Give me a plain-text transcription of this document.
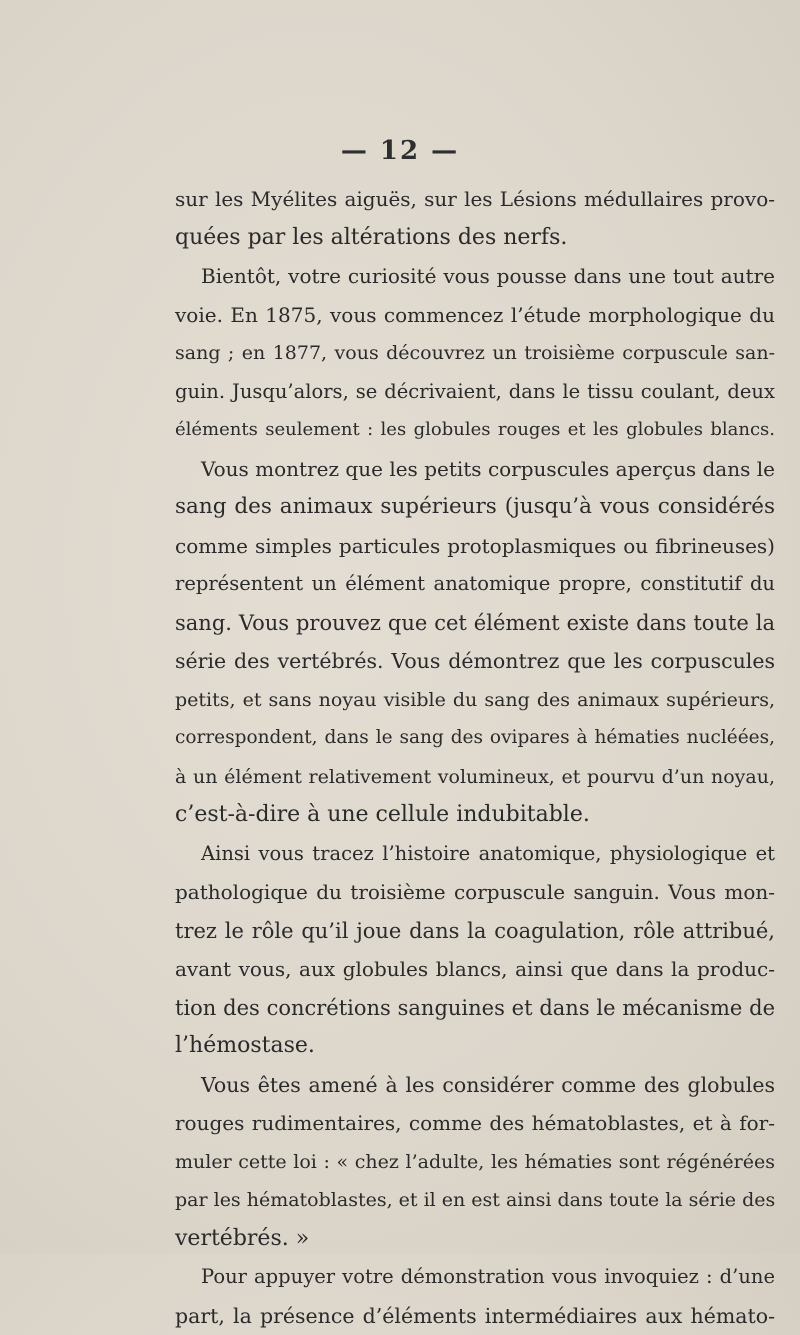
— 12 —
sur les Myélites aiguës, sur les Lésions médullaires provo-
quées par les altérations des nerfs.
Bientôt, votre curiosité vous pousse dans une tout autre
voie. En 1875, vous commencez l’étude morphologique du
sang ; en 1877, vous découvrez un troisième corpuscule san-
guin. Jusqu’alors, se décrivaient, dans le tissu coulant, deux
éléments seulement : les globules rouges et les globules blancs.
Vous montrez que les petits corpuscules aperçus dans le
sang des animaux supérieurs (jusqu’à vous considérés
comme simples particules protoplasmiques ou fibrineuses)
représentent un élément anatomique propre, constitutif du
sang. Vous prouvez que cet élément existe dans toute la
série des vertébrés. Vous démontrez que les corpuscules
petits, et sans noyau visible du sang des animaux supérieurs,
correspondent, dans le sang des ovipares à hématies nucléées,
à un élément relativement volumineux, et pourvu d’un noyau,
c’est-à-dire à une cellule indubitable.
Ainsi vous tracez l’histoire anatomique, physiologique et
pathologique du troisième corpuscule sanguin. Vous mon-
trez le rôle qu’il joue dans la coagulation, rôle attribué,
avant vous, aux globules blancs, ainsi que dans la produc-
tion des concrétions sanguines et dans le mécanisme de
l’hémostase.
Vous êtes amené à les considérer comme des globules
rouges rudimentaires, comme des hématoblastes, et à for-
muler cette loi : « chez l’adulte, les hématies sont régénérées
par les hématoblastes, et il en est ainsi dans toute la série des
vertébrés. »
Pour appuyer votre démonstration vous invoquiez : d’une
part, la présence d’éléments intermédiaires aux hémato-
